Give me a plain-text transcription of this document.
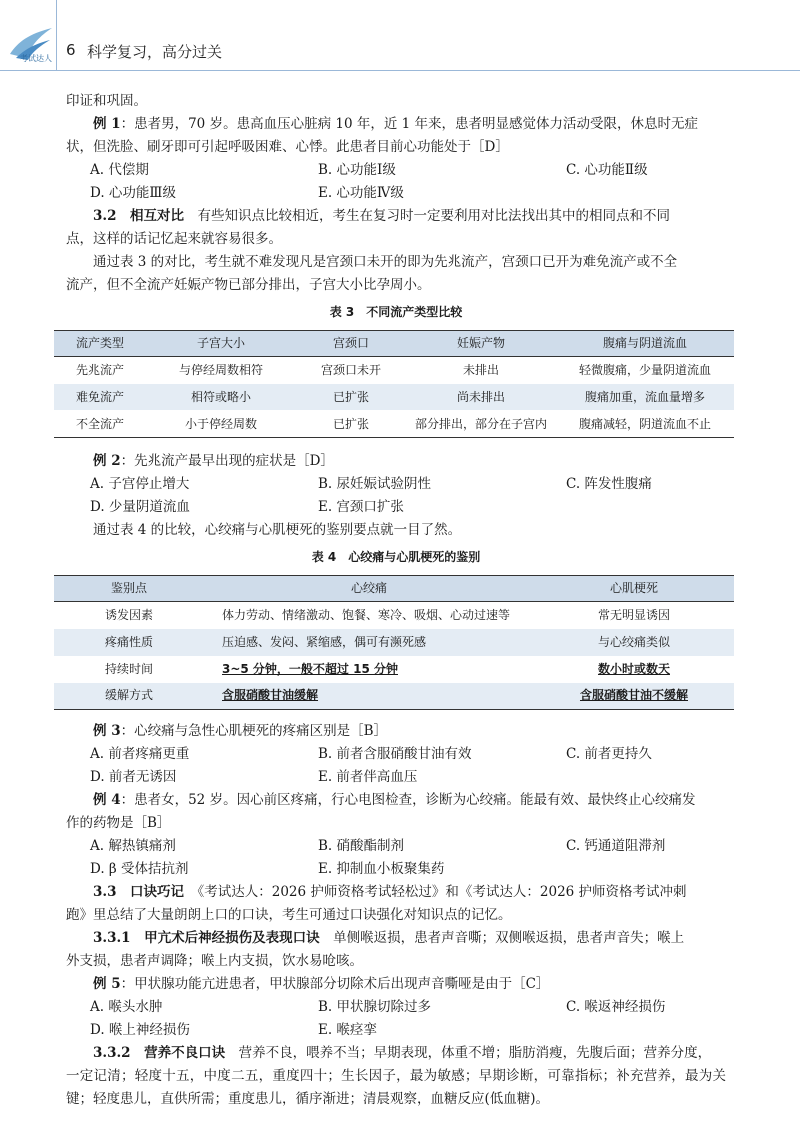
考试达人 6 科学复习，高分过关

印证和巩固。

例 1：患者男，70 岁。患高血压心脏病 10 年，近 1 年来，患者明显感觉体力活动受限，休息时无症

状，但洗脸、刷牙即可引起呼吸困难、心悸。此患者目前心功能处于［D］

A. 代偿期	B. 心功能Ⅰ级	C. 心功能Ⅱ级
D. 心功能Ⅲ级	E. 心功能Ⅳ级

3.2　相互对比　 有些知识点比较相近，考生在复习时一定要利用对比法找出其中的相同点和不同

点，这样的话记忆起来就容易很多。

通过表 3 的对比，考生就不难发现凡是宫颈口未开的即为先兆流产，宫颈口已开为难免流产或不全

流产，但不全流产妊娠产物已部分排出，子宫大小比孕周小。

表 3　不同流产类型比较
流产类型	子宫大小	宫颈口	妊娠产物	腹痛与阴道流血
先兆流产	与停经周数相符	宫颈口未开	未排出	轻微腹痛，少量阴道流血
难免流产	相符或略小	已扩张	尚未排出	腹痛加重，流血量增多
不全流产	小于停经周数	已扩张	部分排出，部分在子宫内	腹痛减轻，阴道流血不止

例 2：先兆流产最早出现的症状是［D］

A. 子宫停止增大	B. 尿妊娠试验阴性	C. 阵发性腹痛
D. 少量阴道流血	E. 宫颈口扩张

通过表 4 的比较，心绞痛与心肌梗死的鉴别要点就一目了然。

表 4　心绞痛与心肌梗死的鉴别
鉴别点	心绞痛	心肌梗死
诱发因素	体力劳动、情绪激动、饱餐、寒冷、吸烟、心动过速等	常无明显诱因
疼痛性质	压迫感、发闷、紧缩感，偶可有濒死感	与心绞痛类似
持续时间	3~5 分钟，一般不超过 15 分钟	数小时或数天
缓解方式	含服硝酸甘油缓解	含服硝酸甘油不缓解

例 3：心绞痛与急性心肌梗死的疼痛区别是［B］

A. 前者疼痛更重	B. 前者含服硝酸甘油有效	C. 前者更持久
D. 前者无诱因	E. 前者伴高血压

例 4：患者女，52 岁。因心前区疼痛，行心电图检查，诊断为心绞痛。能最有效、最快终止心绞痛发

作的药物是［B］

A. 解热镇痛剂	B. 硝酸酯制剂	C. 钙通道阻滞剂
D. β 受体拮抗剂	E. 抑制血小板聚集药

3.3　口诀巧记　 《考试达人：2026 护师资格考试轻松过》和《考试达人：2026 护师资格考试冲刺

跑》里总结了大量朗朗上口的口诀，考生可通过口诀强化对知识点的记忆。

3.3.1　甲亢术后神经损伤及表现口诀　 单侧喉返损，患者声音嘶；双侧喉返损，患者声音失；喉上

外支损，患者声调降；喉上内支损，饮水易呛咳。

例 5：甲状腺功能亢进患者，甲状腺部分切除术后出现声音嘶哑是由于［C］

A. 喉头水肿	B. 甲状腺切除过多	C. 喉返神经损伤
D. 喉上神经损伤	E. 喉痉挛

3.3.2　营养不良口诀　 营养不良，喂养不当；早期表现，体重不增；脂肪消瘦，先腹后面；营养分度，

一定记清；轻度十五，中度二五，重度四十；生长因子，最为敏感；早期诊断，可靠指标；补充营养，最为关键；轻度患儿，直供所需；重度患儿，循序渐进；清晨观察，血糖反应(低血糖)。
